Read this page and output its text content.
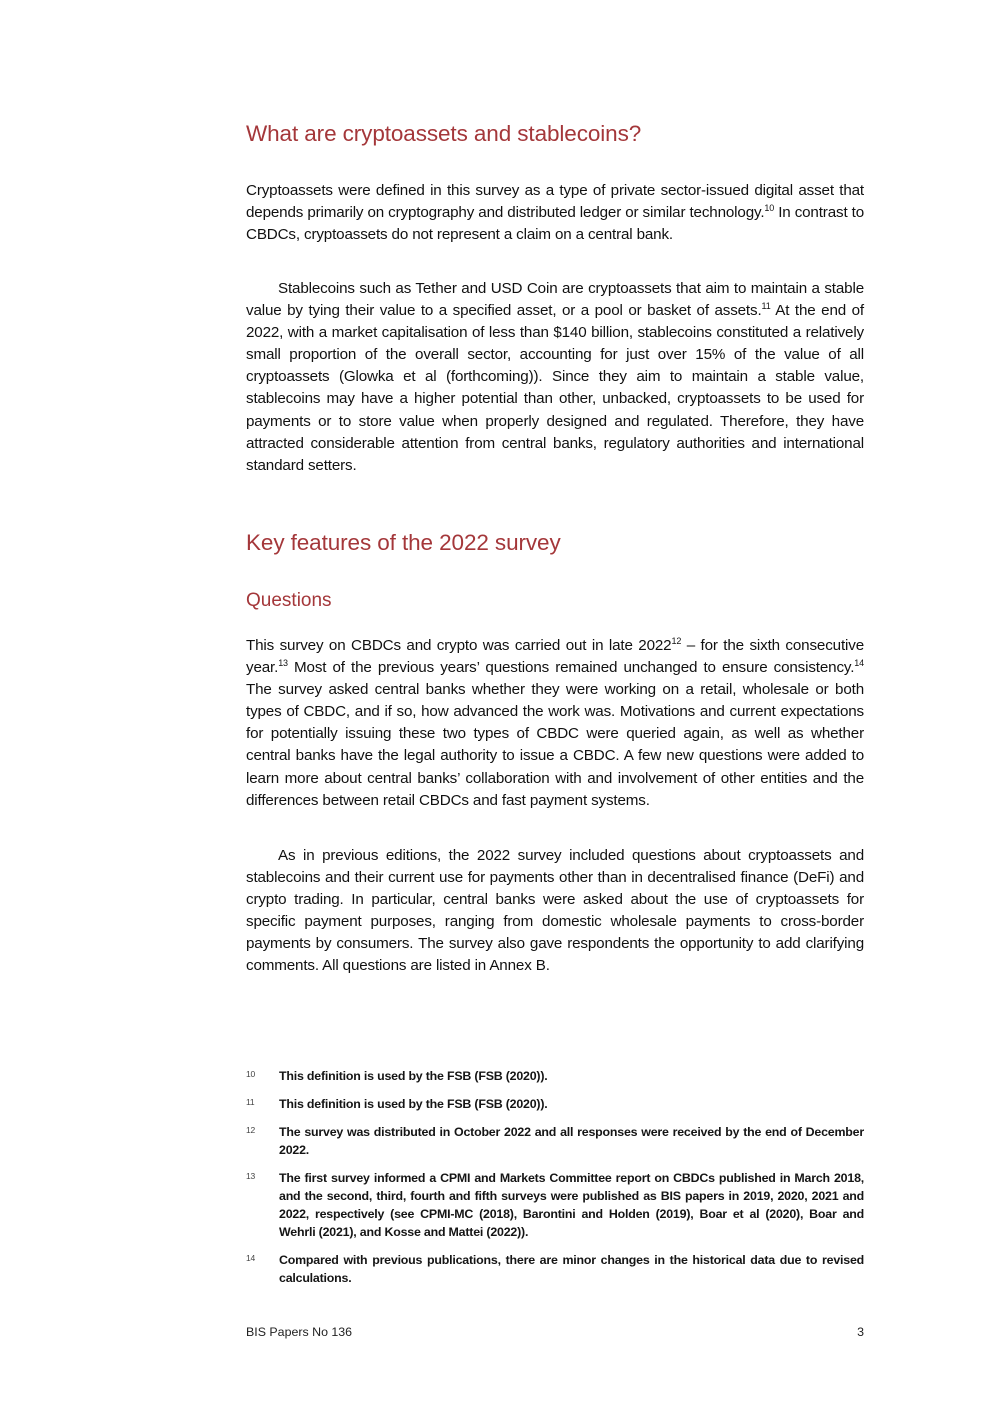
What are cryptoassets and stablecoins?

Cryptoassets were defined in this survey as a type of private sector-issued digital asset that depends primarily on cryptography and distributed ledger or similar technology.$^{10}$ In contrast to CBDCs, cryptoassets do not represent a claim on a central bank.

Stablecoins such as Tether and USD Coin are cryptoassets that aim to maintain a stable value by tying their value to a specified asset, or a pool or basket of assets.$^{11}$ At the end of 2022, with a market capitalisation of less than $140 billion, stablecoins constituted a relatively small proportion of the overall sector, accounting for just over 15% of the value of all cryptoassets (Glowka et al (forthcoming)). Since they aim to maintain a stable value, stablecoins may have a higher potential than other, unbacked, cryptoassets to be used for payments or to store value when properly designed and regulated. Therefore, they have attracted considerable attention from central banks, regulatory authorities and international standard setters.

Key features of the 2022 survey
Questions

This survey on CBDCs and crypto was carried out in late 2022$^{12}$ – for the sixth consecutive year.$^{13}$ Most of the previous years’ questions remained unchanged to ensure consistency.$^{14}$ The survey asked central banks whether they were working on a retail, wholesale or both types of CBDC, and if so, how advanced the work was. Motivations and current expectations for potentially issuing these two types of CBDC were queried again, as well as whether central banks have the legal authority to issue a CBDC. A few new questions were added to learn more about central banks’ collaboration with and involvement of other entities and the differences between retail CBDCs and fast payment systems.

As in previous editions, the 2022 survey included questions about cryptoassets and stablecoins and their current use for payments other than in decentralised finance (DeFi) and crypto trading. In particular, central banks were asked about the use of cryptoassets for specific payment purposes, ranging from domestic wholesale payments to cross-border payments by consumers. The survey also gave respondents the opportunity to add clarifying comments. All questions are listed in Annex B.

10 This definition is used by the FSB (FSB (2020)).

11 This definition is used by the FSB (FSB (2020)).

12 The survey was distributed in October 2022 and all responses were received by the end of December 2022.

13 The first survey informed a CPMI and Markets Committee report on CBDCs published in March 2018, and the second, third, fourth and fifth surveys were published as BIS papers in 2019, 2020, 2021 and 2022, respectively (see CPMI-MC (2018), Barontini and Holden (2019), Boar et al (2020), Boar and Wehrli (2021), and Kosse and Mattei (2022)).

14 Compared with previous publications, there are minor changes in the historical data due to revised calculations.

BIS Papers No 136	3
